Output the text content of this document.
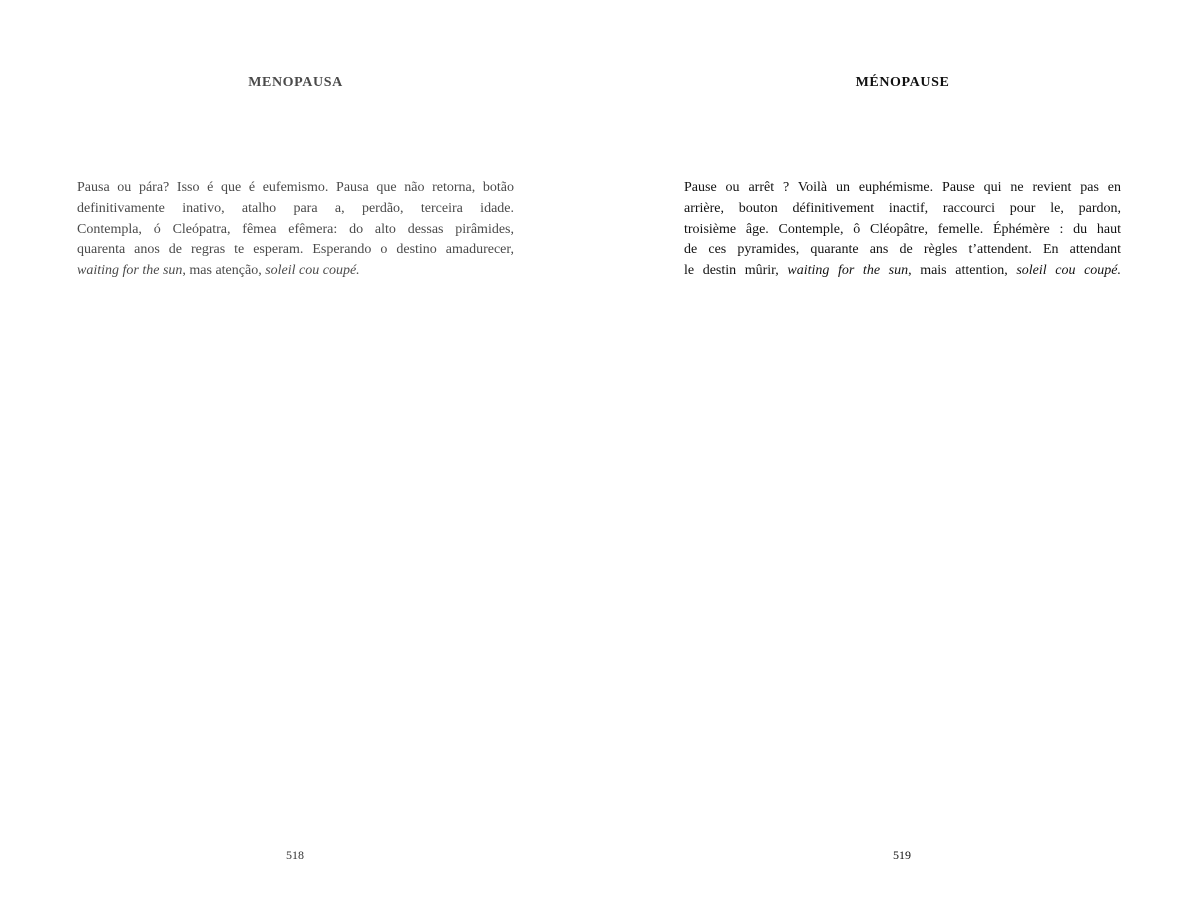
MENOPAUSA
Pausa ou pára? Isso é que é eufemismo. Pausa que não retorna, botão
definitivamente inativo, atalho para a, perdão, terceira idade.
Contempla, ó Cleópatra, fêmea efêmera: do alto dessas pirâmides,
quarenta anos de regras te esperam. Esperando o destino amadurecer,
waiting for the sun, mas atenção, soleil cou coupé.
518
MÉNOPAUSE
Pause ou arrêt ? Voilà un euphémisme. Pause qui ne revient pas en
arrière, bouton définitivement inactif, raccourci pour le, pardon,
troisième âge. Contemple, ô Cléopâtre, femelle. Éphémère : du haut
de ces pyramides, quarante ans de règles t’attendent. En attendant
le destin mûrir, waiting for the sun, mais attention, soleil cou coupé.
519
